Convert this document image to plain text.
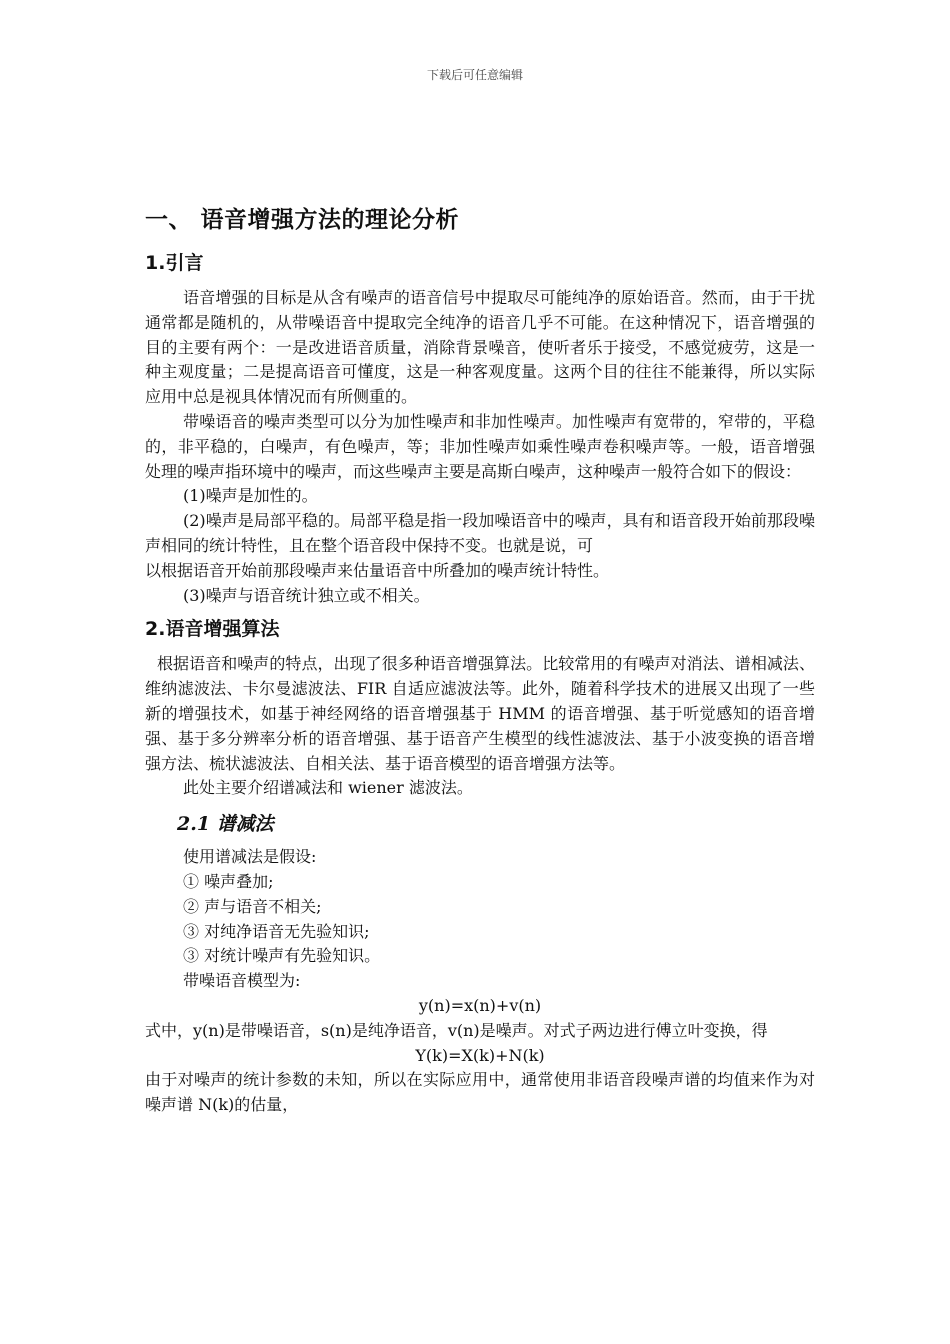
下载后可任意编辑
一、 语音增强方法的理论分析
1.引言

语音增强的目标是从含有噪声的语音信号中提取尽可能纯净的原始语音。然而，由于干扰通常都是随机的，从带噪语音中提取完全纯净的语音几乎不可能。在这种情况下，语音增强的目的主要有两个：一是改进语音质量，消除背景噪音，使听者乐于接受，不感觉疲劳，这是一种主观度量；二是提高语音可懂度，这是一种客观度量。这两个目的往往不能兼得，所以实际应用中总是视具体情况而有所侧重的。

带噪语音的噪声类型可以分为加性噪声和非加性噪声。加性噪声有宽带的，窄带的，平稳的，非平稳的，白噪声，有色噪声，等；非加性噪声如乘性噪声卷积噪声等。一般，语音增强处理的噪声指环境中的噪声，而这些噪声主要是高斯白噪声，这种噪声一般符合如下的假设：

(1)噪声是加性的。

(2)噪声是局部平稳的。局部平稳是指一段加噪语音中的噪声，具有和语音段开始前那段噪声相同的统计特性，且在整个语音段中保持不变。也就是说，可

以根据语音开始前那段噪声来估量语音中所叠加的噪声统计特性。

(3)噪声与语音统计独立或不相关。

2.语音增强算法

根据语音和噪声的特点，出现了很多种语音增强算法。比较常用的有噪声对消法、谱相减法、维纳滤波法、卡尔曼滤波法、FIR 自适应滤波法等。此外，随着科学技术的进展又出现了一些新的增强技术，如基于神经网络的语音增强基于 HMM 的语音增强、基于听觉感知的语音增强、基于多分辨率分析的语音增强、基于语音产生模型的线性滤波法、基于小波变换的语音增强方法、梳状滤波法、自相关法、基于语音模型的语音增强方法等。

此处主要介绍谱减法和 wiener 滤波法。

2.1 谱减法

使用谱减法是假设:

① 噪声叠加;

② 声与语音不相关;

③ 对纯净语音无先验知识;

③ 对统计噪声有先验知识。

带噪语音模型为:

y(n)=x(n)+v(n)

式中，y(n)是带噪语音，s(n)是纯净语音，v(n)是噪声。对式子两边进行傅立叶变换，得

Y(k)=X(k)+N(k)

由于对噪声的统计参数的未知，所以在实际应用中，通常使用非语音段噪声谱的均值来作为对噪声谱 N(k)的估量，
